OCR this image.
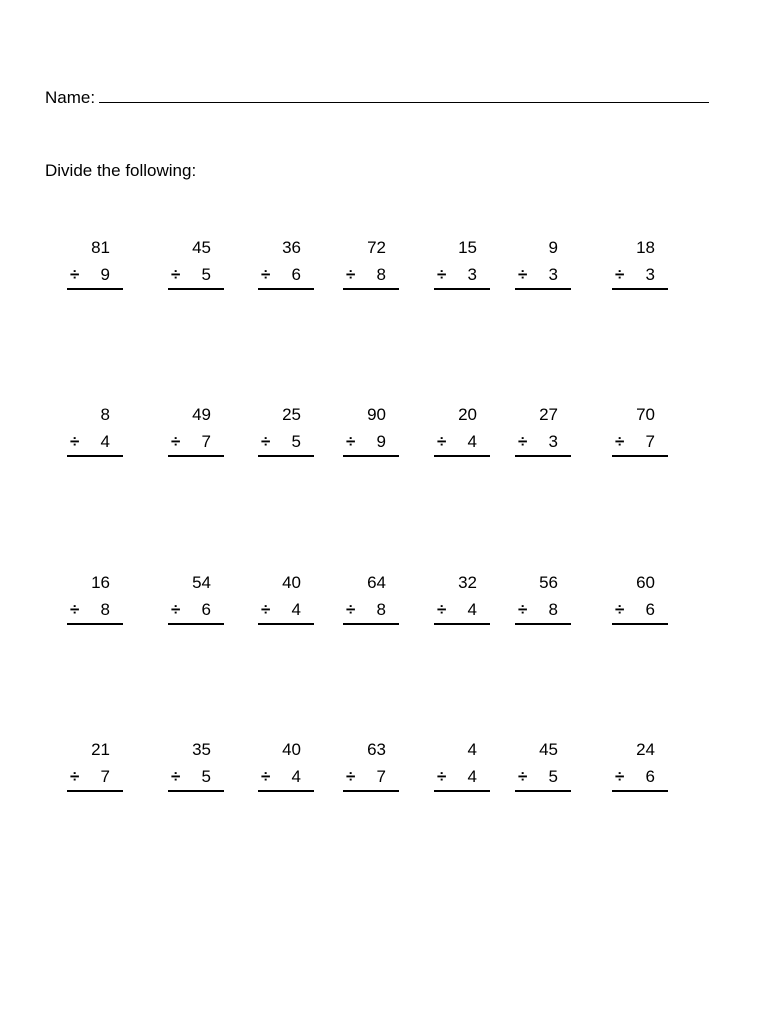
Name:
Divide the following:
81
÷ 9
45
÷ 5
36
÷ 6
72
÷ 8
15
÷ 3
9
÷ 3
18
÷ 3
8
÷ 4
49
÷ 7
25
÷ 5
90
÷ 9
20
÷ 4
27
÷ 3
70
÷ 7
16
÷ 8
54
÷ 6
40
÷ 4
64
÷ 8
32
÷ 4
56
÷ 8
60
÷ 6
21
÷ 7
35
÷ 5
40
÷ 4
63
÷ 7
4
÷ 4
45
÷ 5
24
÷ 6
